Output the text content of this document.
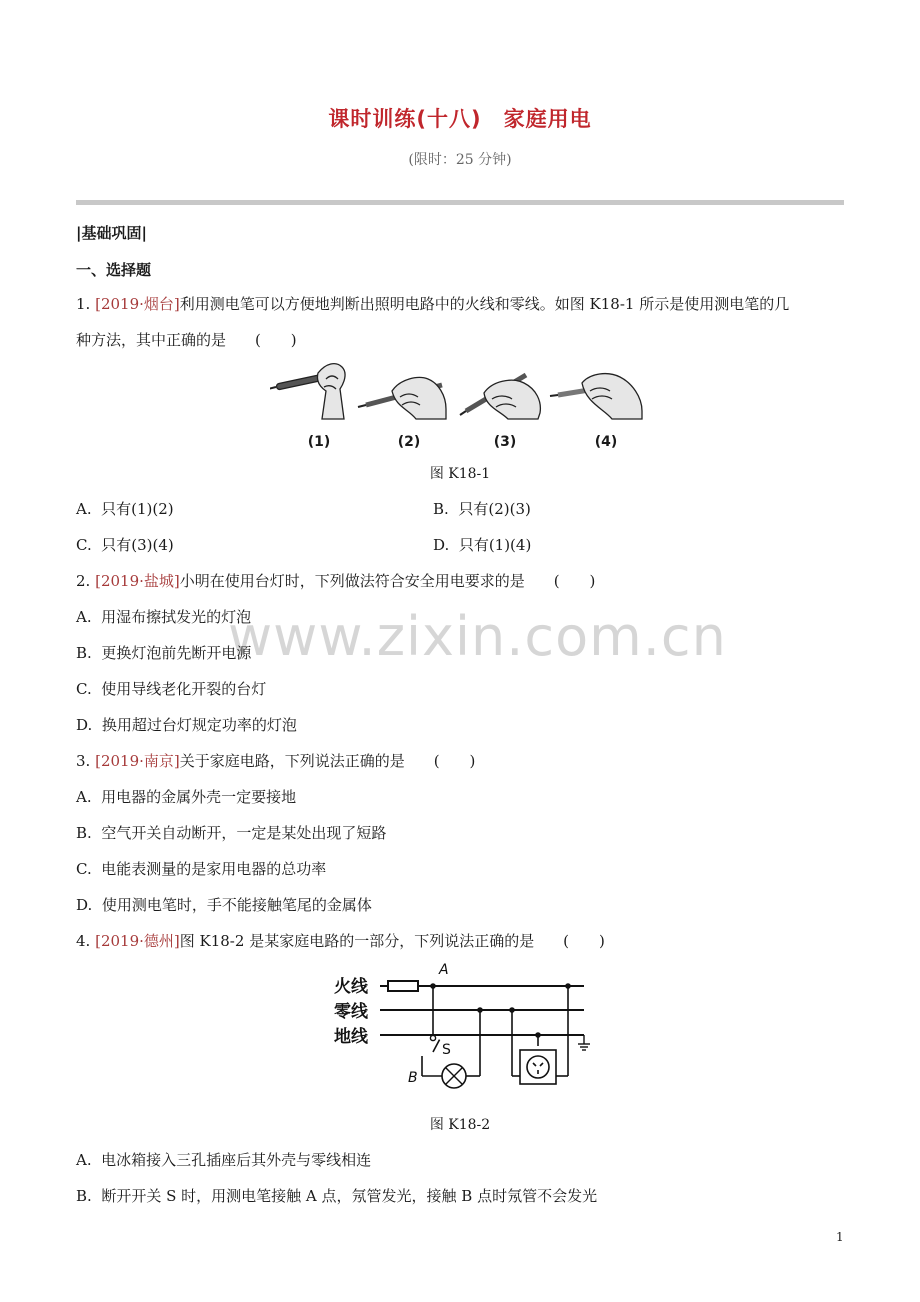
课时训练(十八)　家庭用电
(限时：25 分钟)
|基础巩固|
一、选择题
1. [2019·烟台]利用测电笔可以方便地判断出照明电路中的火线和零线。如图 K18-1 所示是使用测电笔的几
种方法，其中正确的是 (　　)
(1)	(2)	(3)	(4)
图 K18-1
A. 只有(1)(2)	B. 只有(2)(3)
C. 只有(3)(4)	D. 只有(1)(4)
www.zixin.com.cn
2. [2019·盐城]小明在使用台灯时，下列做法符合安全用电要求的是 (　　)
A. 用湿布擦拭发光的灯泡
B. 更换灯泡前先断开电源
C. 使用导线老化开裂的台灯
D. 换用超过台灯规定功率的灯泡
3. [2019·南京]关于家庭电路，下列说法正确的是 (　　)
A. 用电器的金属外壳一定要接地
B. 空气开关自动断开，一定是某处出现了短路
C. 电能表测量的是家用电器的总功率
D. 使用测电笔时，手不能接触笔尾的金属体
4. [2019·德州]图 K18-2 是某家庭电路的一部分，下列说法正确的是 (　　)
火线
零线
地线
A
B
S
图 K18-2
A. 电冰箱接入三孔插座后其外壳与零线相连
B. 断开开关 S 时，用测电笔接触 A 点，氖管发光，接触 B 点时氖管不会发光
1
